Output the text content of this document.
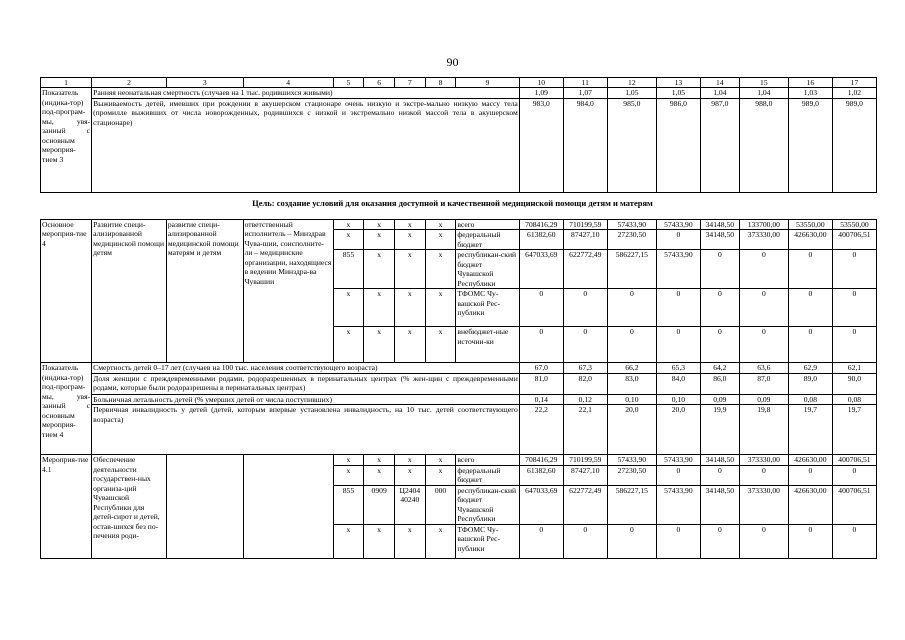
90
1	2	3	4	5	6	7	8	9	10	11	12	13	14	15	16	17
Показатель (индика-тор) под-програм-мы, увя-занный с основным мероприя-тием 3	Ранняя неонатальная смертность (случаев на 1 тыс. родившихся живыми)								1,09	1,07	1,05	1,05	1,04	1,04	1,03	1,02
	Выживаемость детей, имевших при рождении в акушерском стационаре очень низкую и экстре-мально низкую массу тела (промилле выживших от числа новорожденных, родившихся с низкой и экстремально низкой массой тела в акушерском стационаре)								983,0	984,0	985,0	986,0	987,0	988,0	989,0	989,0
Цель: создание условий для оказания доступной и качественной медицинской помощи детям и матерям
Основное мероприя-тие 4	Развитие специ-ализированной медицинской помощи детям	развитие специ-ализированной медицинской помощи матерям и детям	ответственный исполнитель – Минздрав Чува-шии, соисполните-ли – медицинские организации, находящиеся в ведении Минздра-ва Чувашии	x	x	x	x	всего	708416,29	710199,59	57433,90	57433,90	34148,50	133700,00	53550,00	53550,00
				x	x	x	x	федеральный бюджет	61382,60	87427,10	27230,50	0	34148,50	373330,00	426630,00	400706,51
				855	x	x	x	республикан-ский бюджет Чувашской Республики	647033,69	622772,49	586227,15	57433,90	0	0	0	0
				x	x	x	x	ТФОМС Чу-вашской Рес-публики	0	0	0	0	0	0	0	0
				x	x	x	x	внебюджет-ные источни-ки	0	0	0	0	0	0	0	0
Показатель (индика-тор) под-програм-мы, увя-занный с основным мероприя-тием 4	Смертность детей 0–17 лет (случаев на 100 тыс. населения соответствующего возраста)								67,0	67,3	66,2	65,3	64,2	63,6	62,9	62,1
	Доля женщин с преждевременными родами, родоразрешенных в перинатальных центрах (% жен-щин с преждевременными родами, которые были родоразрешены в перинатальных центрах)								81,0	82,0	83,0	84,0	86,0	87,0	89,0	90,0
	Больничная летальность детей (% умерших детей от числа поступивших)								0,14	0,12	0,10	0,10	0,09	0,09	0,08	0,08
	Первичная инвалидность у детей (детей, которым впервые установлена инвалидность, на 10 тыс. детей соответствующего возраста)								22,2	22,1	20,0	20,0	19,9	19,8	19,7	19,7
Мероприя-тие 4.1	Обеспечение деятельности государствен-ных организа-ций Чувашской Республики для детей-сирот и детей, остав-шихся без по-печения роди-			x	x	x	x	всего	708416,29	710199,59	57433,90	57433,90	34148,50	373330,00	426630,00	400706,51
				x	x	x	x	федеральный бюджет	61382,60	87427,10	27230,50	0	0	0	0	0
				855	0909	Ц2404 40240	000	республикан-ский бюджет Чувашской Республики	647033,69	622772,49	586227,15	57433,90	34148,50	373330,00	426630,00	400706,51
				x	x	x	x	ТФОМС Чу-вашской Рес-публики	0	0	0	0	0	0	0	0
